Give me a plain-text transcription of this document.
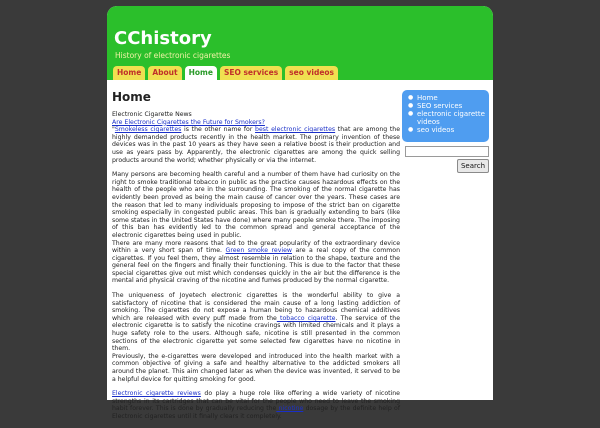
CChistory
History of electronic cigarettes
Home	About	Home	SEO services	seo videos
Home
Electronic Cigarette News
Are Electronic Cigarettes the Future for Smokers?

"Smokeless cigarettes is the other name for best electronic cigarettes that are among the highly demanded products recently in the health market. The primary invention of these devices was in the past 10 years as they have seen a relative boost is their production and use as years pass by. Apparently, the electronic cigarettes are among the quick selling products around the world; whether physically or via the internet.

Many persons are becoming health careful and a number of them have had curiosity on the right to smoke traditional tobacco in public as the practice causes hazardous effects on the health of the people who are in the surrounding. The smoking of the normal cigarette has evidently been proved as being the main cause of cancer over the years. These cases are the reason that led to many individuals proposing to impose of the strict ban on cigarette smoking especially in congested public areas. This ban is gradually extending to bars (like some states in the United States have done) where many people smoke there. The imposing of this ban has evidently led to the common spread and general acceptance of the electronic cigarettes being used in public.
There are many more reasons that led to the great popularity of the extraordinary device within a very short span of time. Green smoke review are a real copy of the common cigarettes. If you feel them, they almost resemble in relation to the shape, texture and the general feel on the fingers and finally their functioning. This is due to the factor that these special cigarettes give out mist which condenses quickly in the air but the difference is the mental and physical craving of the nicotine and fumes produced by the normal cigarette.

The uniqueness of Joyetech electronic cigarettes is the wonderful ability to give a satisfactory of nicotine that is considered the main cause of a long lasting addiction of smoking. The cigarettes do not expose a human being to hazardous chemical additives which are released with every puff made from the tobacco cigarette. The service of the electronic cigarette is to satisfy the nicotine cravings with limited chemicals and it plays a huge safety role to the users. Although safe, nicotine is still presented in the common sections of the electronic cigarette yet some selected few cigarettes have no nicotine in them.
Previously, the e-cigarettes were developed and introduced into the health market with a common objective of giving a safe and healthy alternative to the addicted smokers all around the planet. This aim changed later as when the device was invented, it served to be a helpful device for quitting smoking for good.

Electronic cigarette reviews do play a huge role like offering a wide variety of nicotine strengths in its cartridges that can be vital for the people who need to leave the smoking habit forever. This is done by gradually reducing the nicotine dosage by the definite help of Electronic cigarettes until it finally clears it completely.

● Home
● SEO services
● electronic cigarette videos
● seo videos
Search
